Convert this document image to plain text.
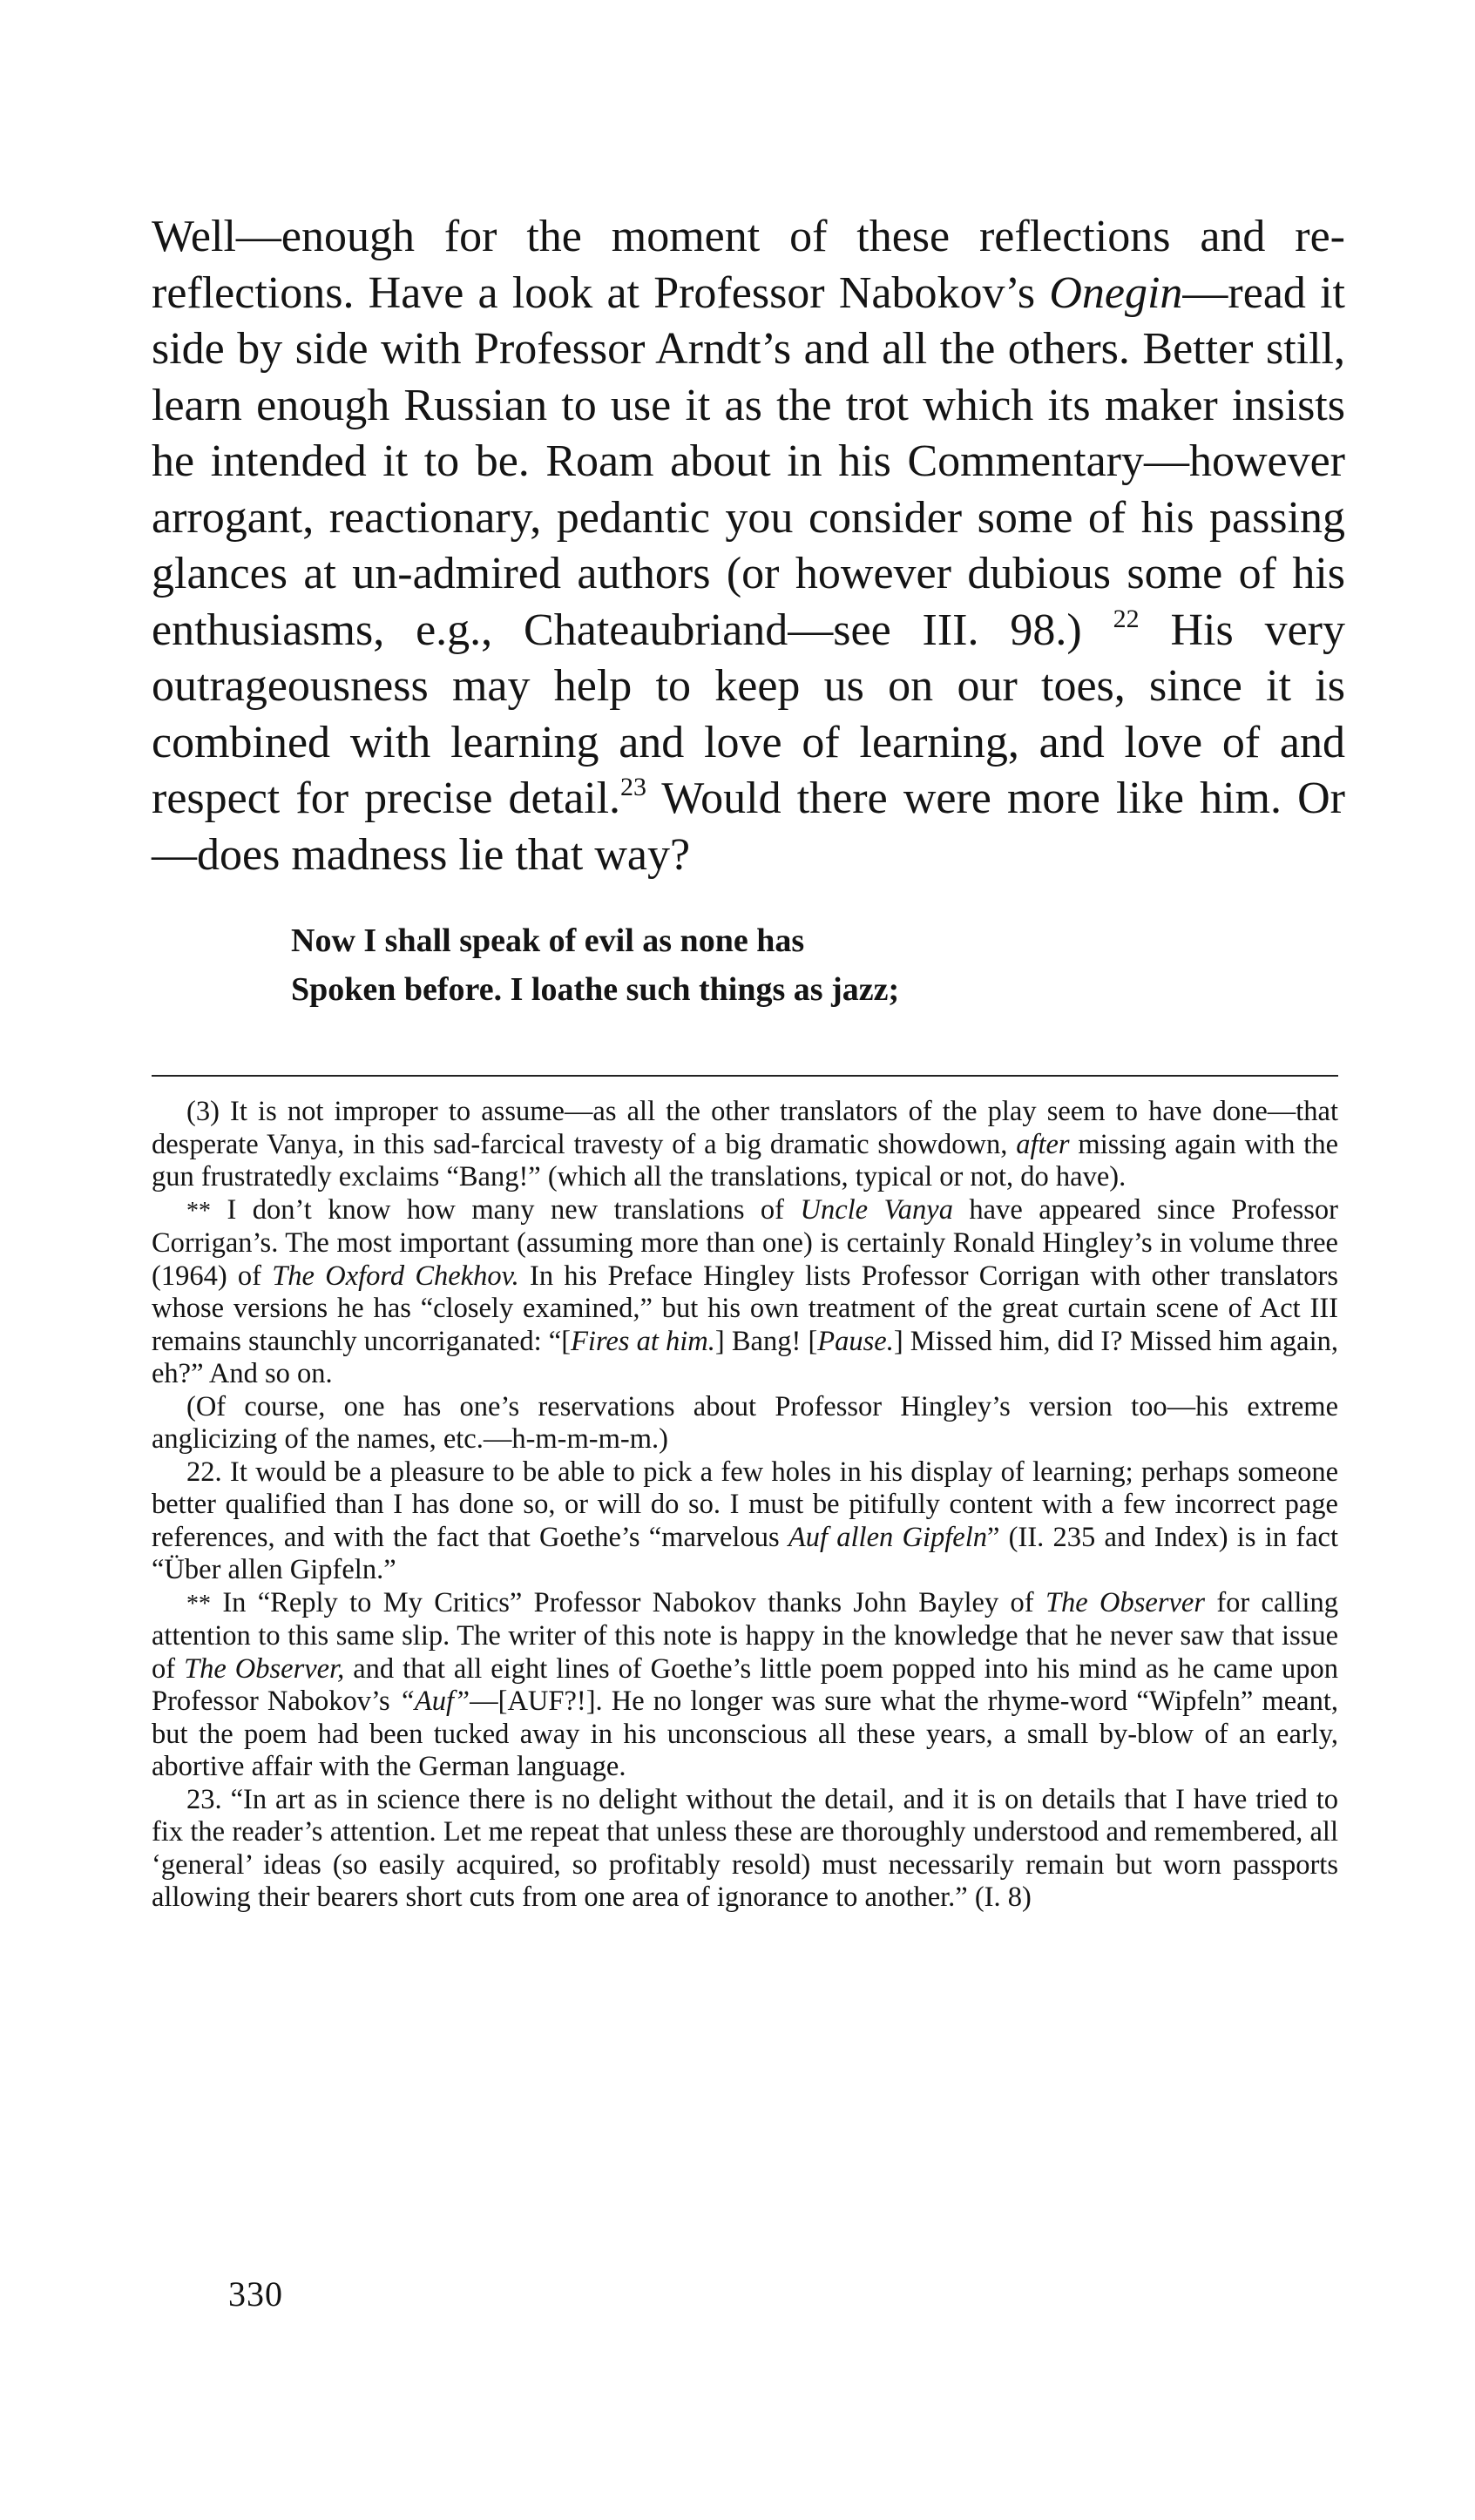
Well—enough for the moment of these reflections and re-reflections. Have a look at Professor Nabokov’s Onegin—read it side by side with Professor Arndt’s and all the others. Better still, learn enough Russian to use it as the trot which its maker insists he intended it to be. Roam about in his Commentary—however arrogant, reactionary, pedantic you consider some of his passing glances at un-admired authors (or however dubious some of his enthusiasms, e.g., Chateaubriand—see III. 98.) $^{22}$ His very outrageousness may help to keep us on our toes, since it is combined with learning and love of learning, and love of and respect for precise detail.$^{23}$ Would there were more like him. Or—does madness lie that way?

Now I shall speak of evil as none has
Spoken before. I loathe such things as jazz;

(3) It is not improper to assume—as all the other translators of the play seem to have done—that desperate Vanya, in this sad-farcical travesty of a big dramatic showdown, after missing again with the gun frustratedly exclaims “Bang!” (which all the translations, typical or not, do have).

** I don’t know how many new translations of Uncle Vanya have appeared since Professor Corrigan’s. The most important (assuming more than one) is certainly Ronald Hingley’s in volume three (1964) of The Oxford Chekhov. In his Preface Hingley lists Professor Corrigan with other translators whose versions he has “closely examined,” but his own treatment of the great curtain scene of Act III remains staunchly uncorriganated: “[Fires at him.] Bang! [Pause.] Missed him, did I? Missed him again, eh?” And so on.

(Of course, one has one’s reservations about Professor Hingley’s version too—his extreme anglicizing of the names, etc.—h-m-m-m-m.)

22. It would be a pleasure to be able to pick a few holes in his display of learning; perhaps someone better qualified than I has done so, or will do so. I must be pitifully content with a few incorrect page references, and with the fact that Goethe’s “marvelous Auf allen Gipfeln” (II. 235 and Index) is in fact “Über allen Gipfeln.”

** In “Reply to My Critics” Professor Nabokov thanks John Bayley of The Observer for calling attention to this same slip. The writer of this note is happy in the knowledge that he never saw that issue of The Observer, and that all eight lines of Goethe’s little poem popped into his mind as he came upon Professor Nabokov’s “Auf”—[AUF?!]. He no longer was sure what the rhyme-word “Wipfeln” meant, but the poem had been tucked away in his unconscious all these years, a small by-blow of an early, abortive affair with the German language.

23. “In art as in science there is no delight without the detail, and it is on details that I have tried to fix the reader’s attention. Let me repeat that unless these are thoroughly understood and remembered, all ‘general’ ideas (so easily acquired, so profitably resold) must necessarily remain but worn passports allowing their bearers short cuts from one area of ignorance to another.” (I. 8)

330
